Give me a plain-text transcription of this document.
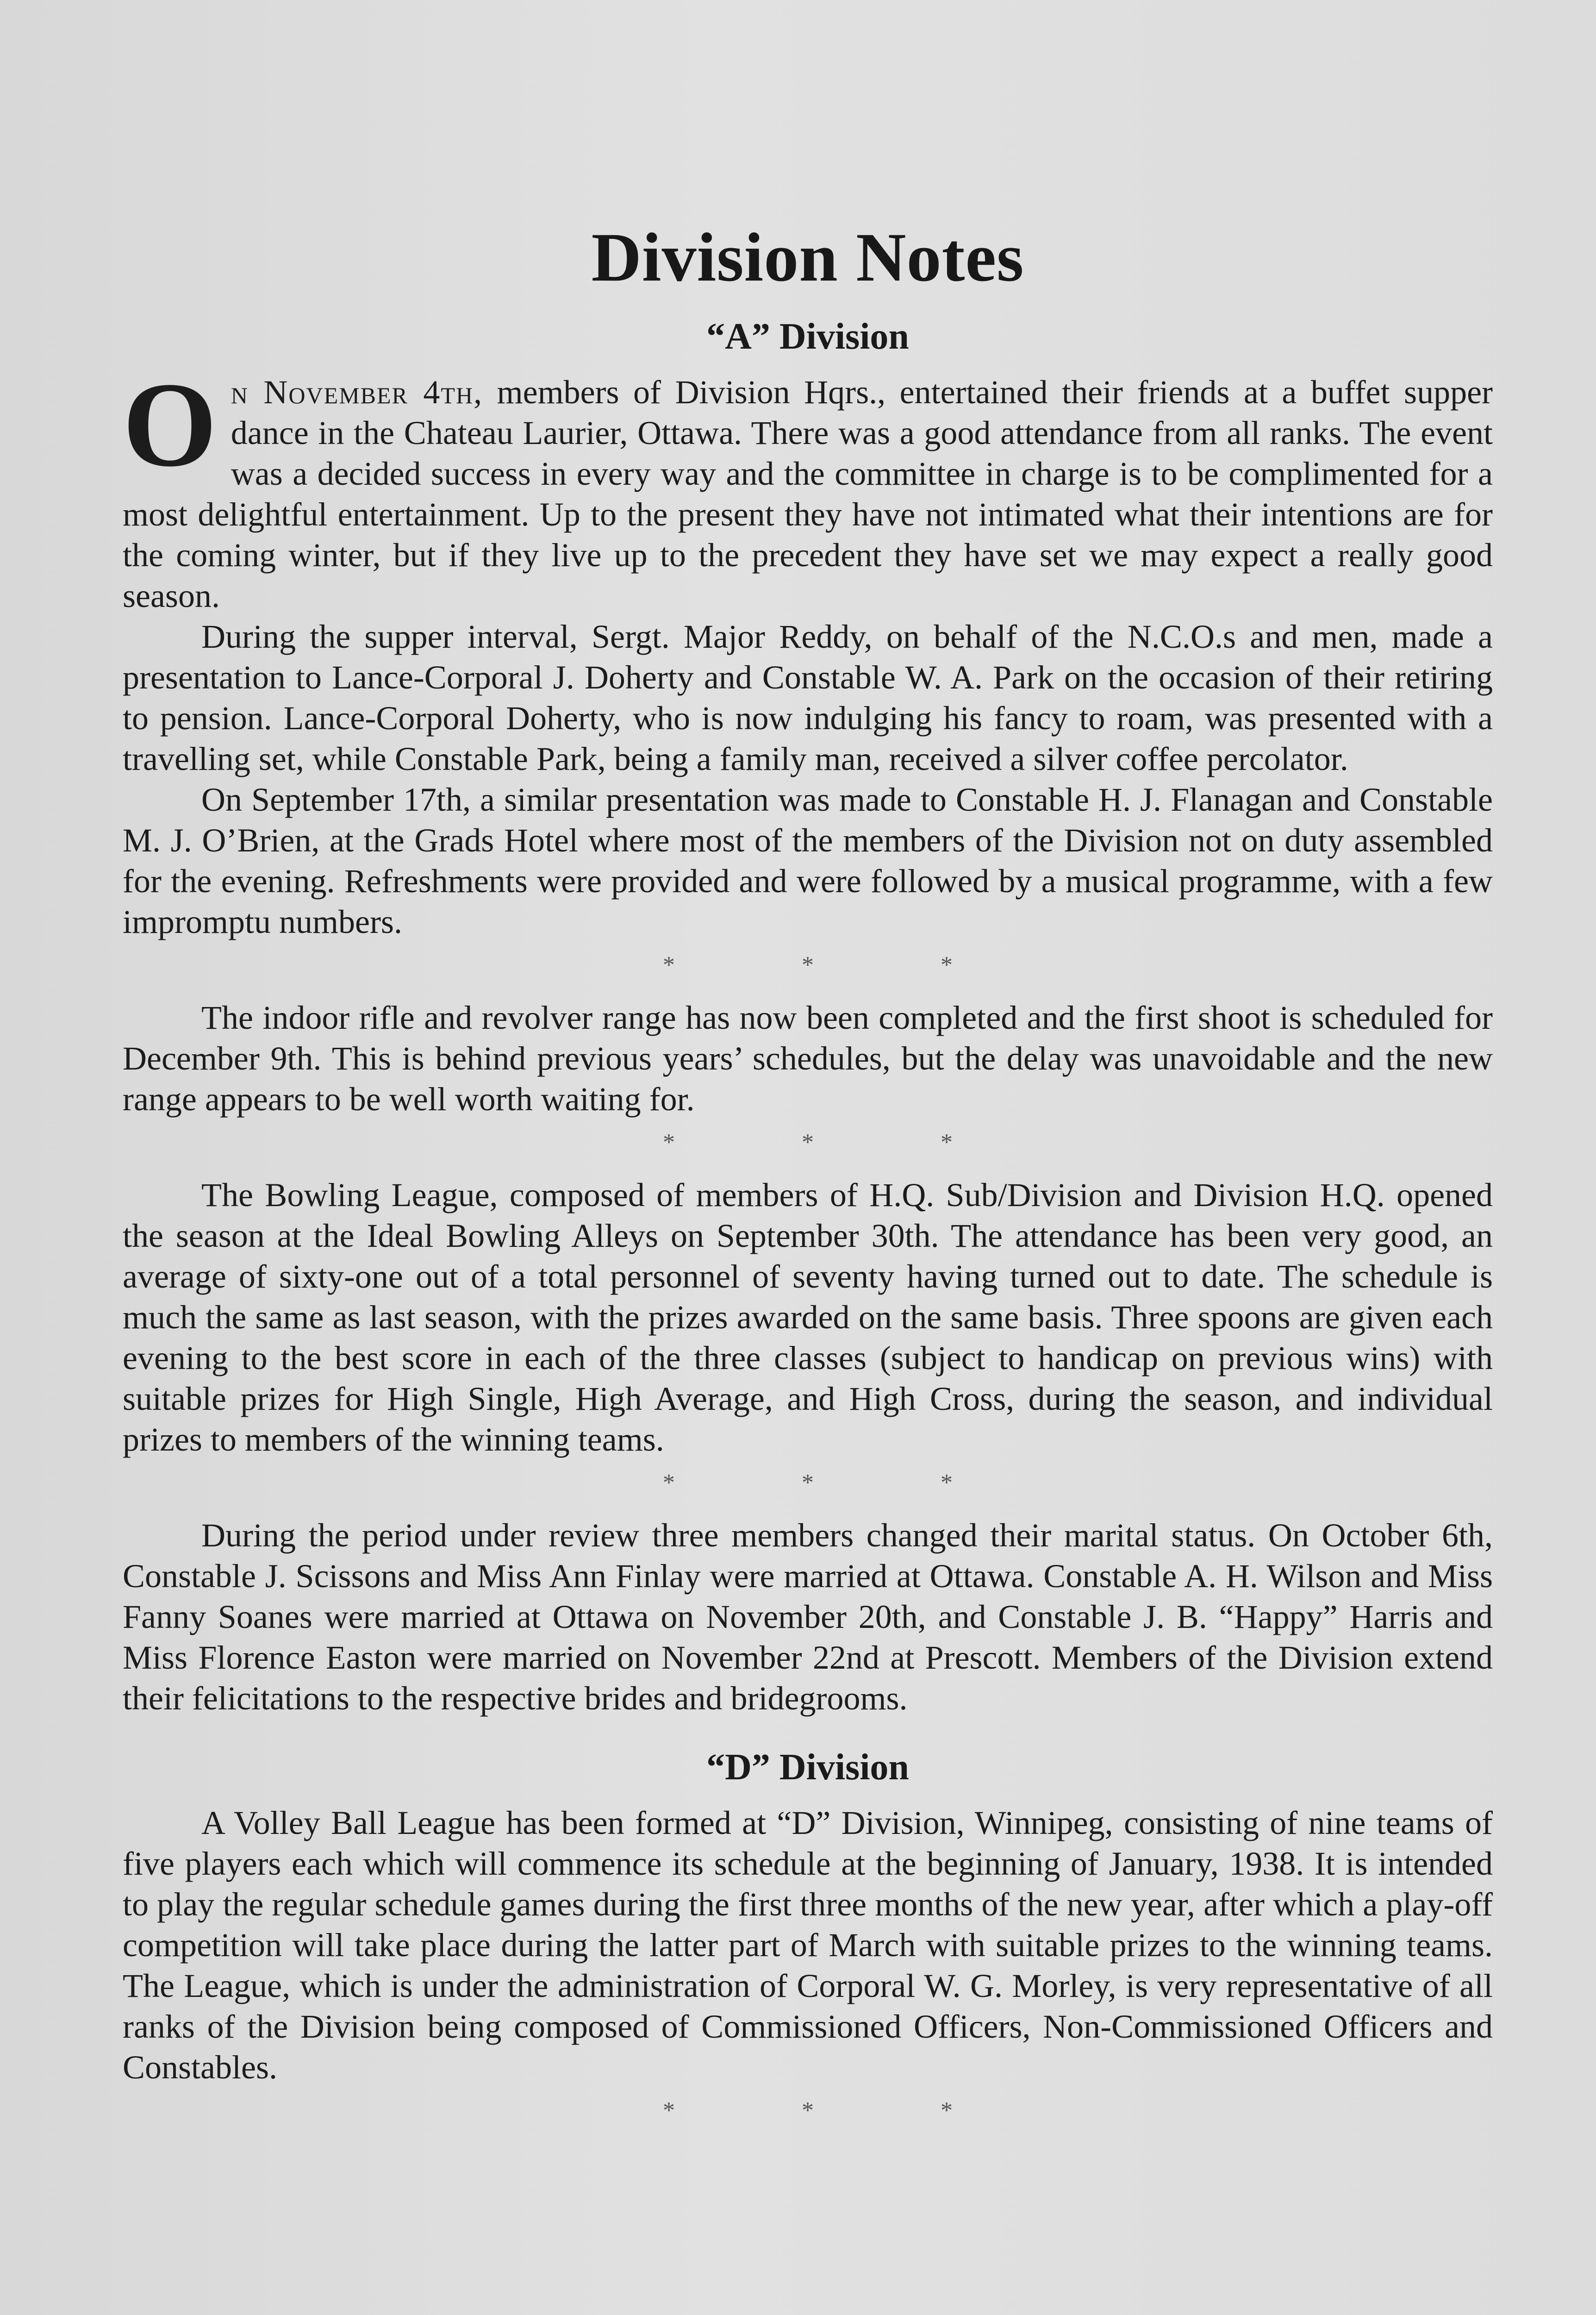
Division Notes
“A” Division

On November 4th, members of Division Hqrs., entertained their friends at a buffet supper dance in the Chateau Laurier, Ottawa. There was a good attendance from all ranks. The event was a decided success in every way and the committee in charge is to be complimented for a most delightful entertainment. Up to the present they have not intimated what their intentions are for the coming winter, but if they live up to the precedent they have set we may expect a really good season.

During the supper interval, Sergt. Major Reddy, on behalf of the N.C.O.s and men, made a presentation to Lance-Corporal J. Doherty and Constable W. A. Park on the occasion of their retiring to pension. Lance-Corporal Doherty, who is now indulging his fancy to roam, was presented with a travelling set, while Constable Park, being a family man, received a silver coffee percolator.

On September 17th, a similar presentation was made to Constable H. J. Flanagan and Constable M. J. O’Brien, at the Grads Hotel where most of the members of the Division not on duty assembled for the evening. Refreshments were provided and were followed by a musical programme, with a few impromptu numbers.

*	*	*

The indoor rifle and revolver range has now been completed and the first shoot is scheduled for December 9th. This is behind previous years’ schedules, but the delay was unavoidable and the new range appears to be well worth waiting for.

*	*	*

The Bowling League, composed of members of H.Q. Sub/Division and Division H.Q. opened the season at the Ideal Bowling Alleys on September 30th. The attendance has been very good, an average of sixty-one out of a total personnel of seventy having turned out to date. The schedule is much the same as last season, with the prizes awarded on the same basis. Three spoons are given each evening to the best score in each of the three classes (subject to handicap on previous wins) with suitable prizes for High Single, High Average, and High Cross, during the season, and individual prizes to members of the winning teams.

*	*	*

During the period under review three members changed their marital status. On October 6th, Constable J. Scissons and Miss Ann Finlay were married at Ottawa. Constable A. H. Wilson and Miss Fanny Soanes were married at Ottawa on November 20th, and Constable J. B. “Happy” Harris and Miss Florence Easton were married on November 22nd at Prescott. Members of the Division extend their felicitations to the respective brides and bridegrooms.

“D” Division

A Volley Ball League has been formed at “D” Division, Winnipeg, consisting of nine teams of five players each which will commence its schedule at the beginning of January, 1938. It is intended to play the regular schedule games during the first three months of the new year, after which a play-off competition will take place during the latter part of March with suitable prizes to the winning teams. The League, which is under the administration of Corporal W. G. Morley, is very representative of all ranks of the Division being composed of Commissioned Officers, Non-Commissioned Officers and Constables.

*	*	*
